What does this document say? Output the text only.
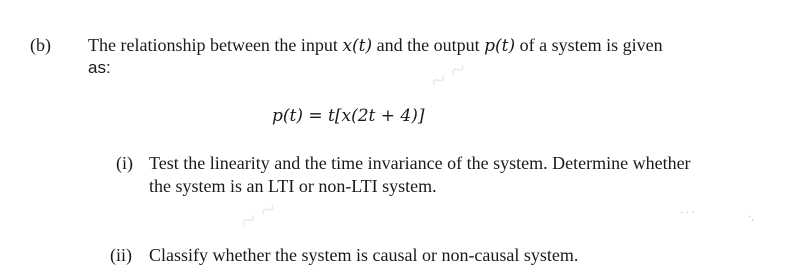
~ ~
~ ~	· · ·	·,
(b) The relationship between the input x(t) and the output p(t) of a system is given
as:
p(t) = t[x(2t + 4)]
(i) Test the linearity and the time invariance of the system. Determine whether
the system is an LTI or non-LTI system.
(ii) Classify whether the system is causal or non-causal system.
